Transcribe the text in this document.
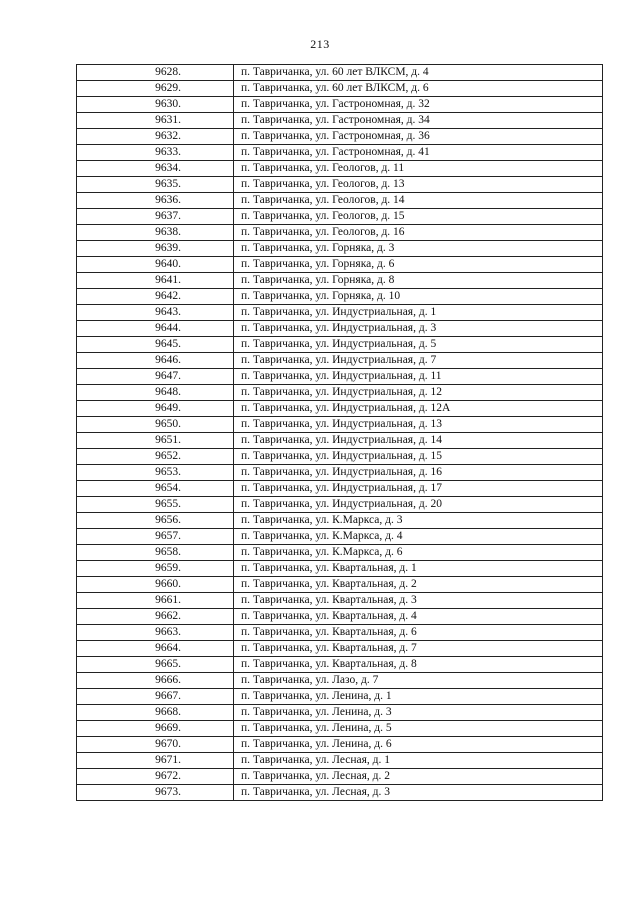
213
9628.	п. Тавричанка, ул. 60 лет ВЛКСМ, д. 4
9629.	п. Тавричанка, ул. 60 лет ВЛКСМ, д. 6
9630.	п. Тавричанка, ул. Гастрономная, д. 32
9631.	п. Тавричанка, ул. Гастрономная, д. 34
9632.	п. Тавричанка, ул. Гастрономная, д. 36
9633.	п. Тавричанка, ул. Гастрономная, д. 41
9634.	п. Тавричанка, ул. Геологов, д. 11
9635.	п. Тавричанка, ул. Геологов, д. 13
9636.	п. Тавричанка, ул. Геологов, д. 14
9637.	п. Тавричанка, ул. Геологов, д. 15
9638.	п. Тавричанка, ул. Геологов, д. 16
9639.	п. Тавричанка, ул. Горняка, д. 3
9640.	п. Тавричанка, ул. Горняка, д. 6
9641.	п. Тавричанка, ул. Горняка, д. 8
9642.	п. Тавричанка, ул. Горняка, д. 10
9643.	п. Тавричанка, ул. Индустриальная, д. 1
9644.	п. Тавричанка, ул. Индустриальная, д. 3
9645.	п. Тавричанка, ул. Индустриальная, д. 5
9646.	п. Тавричанка, ул. Индустриальная, д. 7
9647.	п. Тавричанка, ул. Индустриальная, д. 11
9648.	п. Тавричанка, ул. Индустриальная, д. 12
9649.	п. Тавричанка, ул. Индустриальная, д. 12А
9650.	п. Тавричанка, ул. Индустриальная, д. 13
9651.	п. Тавричанка, ул. Индустриальная, д. 14
9652.	п. Тавричанка, ул. Индустриальная, д. 15
9653.	п. Тавричанка, ул. Индустриальная, д. 16
9654.	п. Тавричанка, ул. Индустриальная, д. 17
9655.	п. Тавричанка, ул. Индустриальная, д. 20
9656.	п. Тавричанка, ул. К.Маркса, д. 3
9657.	п. Тавричанка, ул. К.Маркса, д. 4
9658.	п. Тавричанка, ул. К.Маркса, д. 6
9659.	п. Тавричанка, ул. Квартальная, д. 1
9660.	п. Тавричанка, ул. Квартальная, д. 2
9661.	п. Тавричанка, ул. Квартальная, д. 3
9662.	п. Тавричанка, ул. Квартальная, д. 4
9663.	п. Тавричанка, ул. Квартальная, д. 6
9664.	п. Тавричанка, ул. Квартальная, д. 7
9665.	п. Тавричанка, ул. Квартальная, д. 8
9666.	п. Тавричанка, ул. Лазо, д. 7
9667.	п. Тавричанка, ул. Ленина, д. 1
9668.	п. Тавричанка, ул. Ленина, д. 3
9669.	п. Тавричанка, ул. Ленина, д. 5
9670.	п. Тавричанка, ул. Ленина, д. 6
9671.	п. Тавричанка, ул. Лесная, д. 1
9672.	п. Тавричанка, ул. Лесная, д. 2
9673.	п. Тавричанка, ул. Лесная, д. 3
